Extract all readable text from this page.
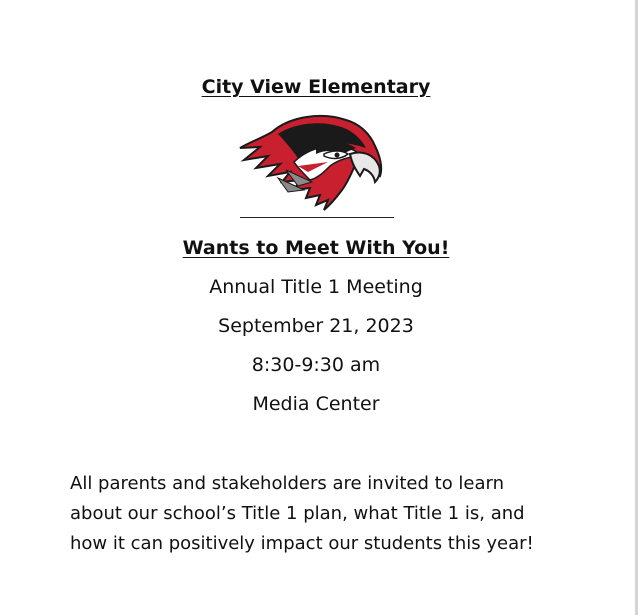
City View Elementary
Wants to Meet With You!
Annual Title 1 Meeting
September 21, 2023
8:30-9:30 am
Media Center
All parents and stakeholders are invited to learn
about our school’s Title 1 plan, what Title 1 is, and
how it can positively impact our students this year!
